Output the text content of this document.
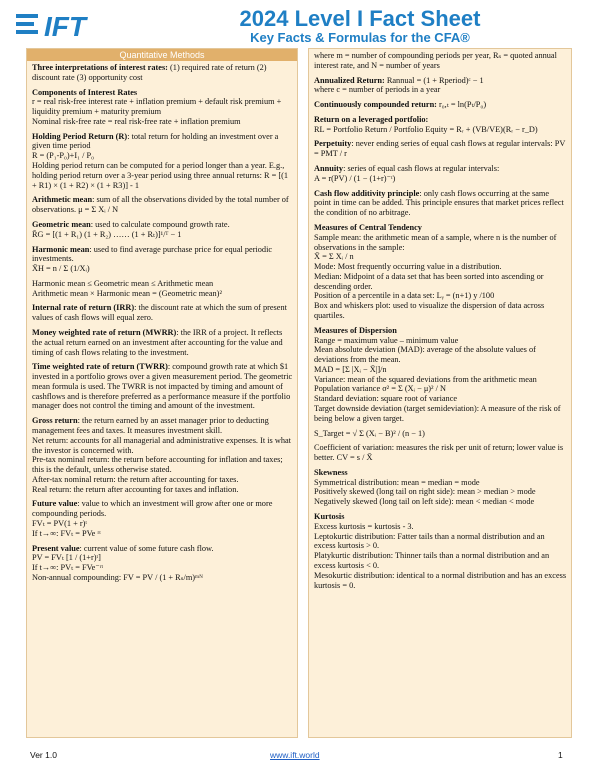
IFT	2024 Level I Fact Sheet
Key Facts & Formulas for the CFA®
Quantitative Methods
Three interpretations of interest rates: (1) required rate of return (2) discount rate (3) opportunity cost
Components of Interest Rates
r = real risk-free interest rate + inflation premium + default risk premium + liquidity premium + maturity premium
Nominal risk-free rate = real risk-free rate + inflation premium
Holding Period Return (R): total return for holding an investment over a given time period
R = (P₁-P₀)+I₁ / P₀
Holding period return can be computed for a period longer than a year. E.g., holding period return over a 3-year period using three annual returns: R = [(1 + R1) × (1 + R2) × (1 + R3)] - 1
Arithmetic mean: sum of all the observations divided by the total number of observations. μ = Σ Xᵢ / N
Geometric mean: used to calculate compound growth rate.
R̄G = [(1 + R₁) (1 + R₂) …… (1 + Rₜ)]¹/ᵀ − 1
Harmonic mean: used to find average purchase price for equal periodic investments.
X̄H = n / Σ (1/Xᵢ)
Harmonic mean ≤ Geometric mean ≤ Arithmetic mean
Arithmetic mean × Harmonic mean = (Geometric mean)²
Internal rate of return (IRR): the discount rate at which the sum of present values of cash flows will equal zero.
Money weighted rate of return (MWRR): the IRR of a project. It reflects the actual return earned on an investment after accounting for the value and timing of cash flows relating to the investment.
Time weighted rate of return (TWRR): compound growth rate at which $1 invested in a portfolio grows over a given measurement period. The geometric mean formula is used. The TWRR is not impacted by timing and amount of cashflows and is therefore preferred as a performance measure if the portfolio manager does not control the timing and amount of the investment.
Gross return: the return earned by an asset manager prior to deducting management fees and taxes. It measures investment skill.
Net return: accounts for all managerial and administrative expenses. It is what the investor is concerned with.
Pre-tax nominal return: the return before accounting for inflation and taxes; this is the default, unless otherwise stated.
After-tax nominal return: the return after accounting for taxes.
Real return: the return after accounting for taxes and inflation.
Future value: value to which an investment will grow after one or more compounding periods.
FVₜ = PV(1 + r)ᵗ
If t→∞: FVₜ = PVe ʳᵗ
Present value: current value of some future cash flow.
PV = FVₜ [1 / (1+r)ᵗ]
If t→∞: PVₜ = FVe⁻ʳᵗ
Non-annual compounding: FV = PV / (1 + Rₛ/m)ᵐᴺ
where m = number of compounding periods per year, Rₛ = quoted annual interest rate, and N = number of years
Annualized Return: Rannual = (1 + Rperiod)ᶜ − 1
where c = number of periods in a year
Continuously compounded return: r₀,ₜ = ln(Pₜ/P₀)
Return on a leveraged portfolio:
RL = Portfolio Return / Portfolio Equity = Rᵣ + (VB/VE)(Rᵣ − r_D)
Perpetuity: never ending series of equal cash flows at regular intervals: PV = PMT / r
Annuity: series of equal cash flows at regular intervals:
A = r(PV) / (1 − (1+r)⁻ᵗ)
Cash flow additivity principle: only cash flows occurring at the same point in time can be added. This principle ensures that market prices reflect the condition of no arbitrage.
Measures of Central Tendency
Sample mean: the arithmetic mean of a sample, where n is the number of observations in the sample:
X̄ = Σ Xᵢ / n
Mode: Most frequently occurring value in a distribution.
Median: Midpoint of a data set that has been sorted into ascending or descending order.
Position of a percentile in a data set: Lᵧ = (n+1) y /100
Box and whiskers plot: used to visualize the dispersion of data across quartiles.
Measures of Dispersion
Range = maximum value – minimum value
Mean absolute deviation (MAD): average of the absolute values of deviations from the mean.
MAD = [Σ |Xᵢ − X̄|]/n
Variance: mean of the squared deviations from the arithmetic mean
Population variance σ² = Σ (Xᵢ − μ)² / N
Standard deviation: square root of variance
Target downside deviation (target semideviation): A measure of the risk of being below a given target.
S_Target = √ Σ (Xᵢ − B)² / (n − 1)
Coefficient of variation: measures the risk per unit of return; lower value is better. CV = s / X̄
Skewness
Symmetrical distribution: mean = median = mode
Positively skewed (long tail on right side): mean > median > mode
Negatively skewed (long tail on left side): mean < median < mode
Kurtosis
Excess kurtosis = kurtosis - 3.
Leptokurtic distribution: Fatter tails than a normal distribution and an excess kurtosis > 0.
Platykurtic distribution: Thinner tails than a normal distribution and an excess kurtosis < 0.
Mesokurtic distribution: identical to a normal distribution and has an excess kurtosis = 0.
Ver 1.0	www.ift.world	1
